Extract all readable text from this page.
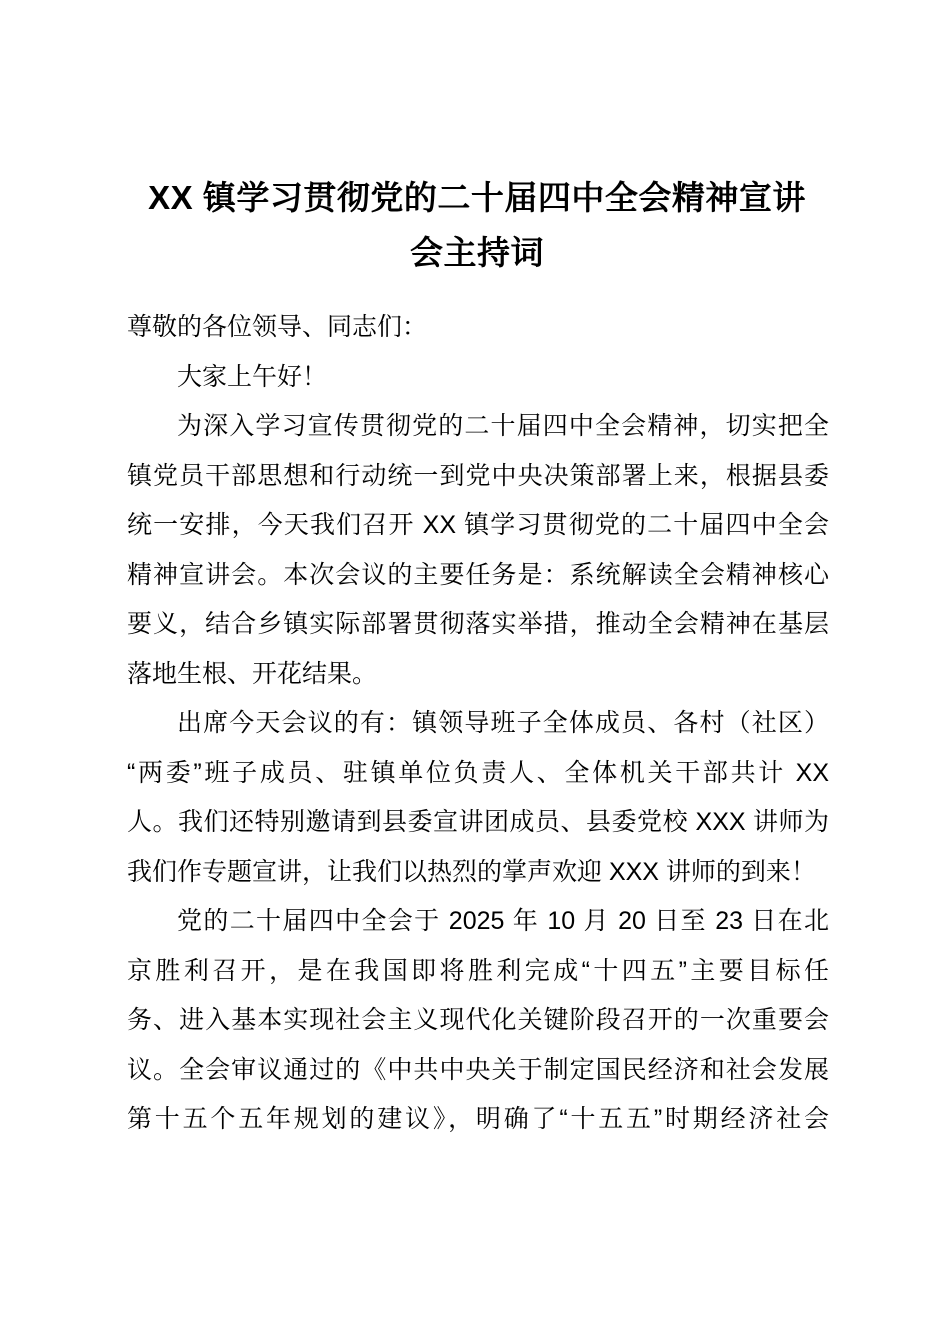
XX 镇学习贯彻党的二十届四中全会精神宣讲
会主持词
尊敬的各位领导、同志们：
大家上午好！
为深入学习宣传贯彻党的二十届四中全会精神，切实把全
镇党员干部思想和行动统一到党中央决策部署上来，根据县委
统一安排，今天我们召开 XX 镇学习贯彻党的二十届四中全会
精神宣讲会。本次会议的主要任务是：系统解读全会精神核心
要义，结合乡镇实际部署贯彻落实举措，推动全会精神在基层
落地生根、开花结果。
出席今天会议的有：镇领导班子全体成员、各村（社区）
“两委”班子成员、驻镇单位负责人、全体机关干部共计 XX
人。我们还特别邀请到县委宣讲团成员、县委党校 XXX 讲师为
我们作专题宣讲，让我们以热烈的掌声欢迎 XXX 讲师的到来！
党的二十届四中全会于 2025 年 10 月 20 日至 23 日在北
京胜利召开，是在我国即将胜利完成“十四五”主要目标任
务、进入基本实现社会主义现代化关键阶段召开的一次重要会
议。全会审议通过的《中共中央关于制定国民经济和社会发展
第十五个五年规划的建议》，明确了“十五五”时期经济社会
